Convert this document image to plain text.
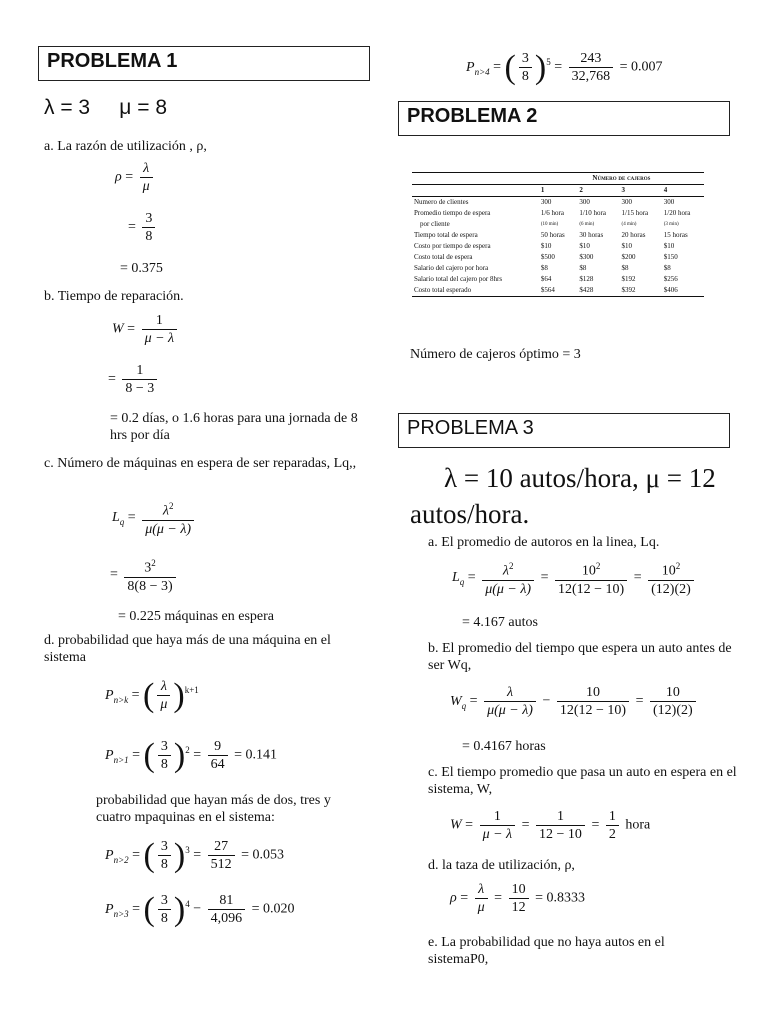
PROBLEMA 1
λ = 3     μ = 8
a. La razón de utilización , ρ,
$\rho = \frac{\lambda}{\mu}$
= $\frac{3}{8}$
= 0.375
b. Tiempo de reparación.
$W = \frac{1}{\mu - \lambda}$
= $\frac{1}{8 - 3}$
= 0.2 días, o 1.6 horas para una jornada de 8 hrs por día
c. Número de máquinas en espera de ser reparadas, Lq,,
$L_q = \frac{\lambda^2}{\mu(\mu - \lambda)}$
= $\frac{3^2}{8(8 - 3)}$
= 0.225 máquinas en espera
d. probabilidad que haya más de una máquina en el sistema
$P_{n>k}$ = ( $\frac{\lambda}{\mu} )^{k+1}$
$P_{n>1}$ = ( $\frac{3}{8} )^2 = \frac{9}{64} = 0.141$
probabilidad que hayan más de dos, tres y cuatro mpaquinas en el sistema:
$P_{n>2}$ = ( $\frac{3}{8} )^3 = \frac{27}{512} = 0.053$
$P_{n>3}$ = ( $\frac{3}{8} )^4 - \frac{81}{4,096} = 0.020$
$P_{n>4}$ = ( $\frac{3}{8} )^5 = \frac{243}{32,768} = 0.007$
PROBLEMA 2
	Número de cajeros			
	1	2	3	4
Numero de clientes	300	300	300	300
Promedio tiempo de espera	1/6 hora	1/10 hora	1/15 hora	1/20 hora
por cliente	(10 min)	(6 min)	(4 min)	(3 min)
Tiempo total de espera	50 horas	30 horas	20 horas	15 horas
Costo por tiempo de espera	$10	$10	$10	$10
Costo total de espera	$500	$300	$200	$150
Salario del cajero por hora	$8	$8	$8	$8
Salario total del cajero por 8hrs	$64	$128	$192	$256
Costo total esperado	$564	$428	$392	$406
Número de cajeros óptimo = 3
PROBLEMA 3
λ = 10 autos/hora, μ = 12 autos/hora.
a. El promedio de autoros en la linea, Lq.
$L_q = \frac{\lambda^2}{\mu(\mu - \lambda)} = \frac{10^2}{12(12 - 10)} = \frac{10^2}{(12)(2)}$
= 4.167 autos
b. El promedio del tiempo que espera un auto antes de ser Wq,
$W_q = \frac{\lambda}{\mu(\mu - \lambda)} - \frac{10}{12(12 - 10)} = \frac{10}{(12)(2)}$
= 0.4167 horas
c. El tiempo promedio que pasa un auto en espera en el sistema, W,
$W = \frac{1}{\mu - \lambda} = \frac{1}{12 - 10} = \frac{1}{2}$ hora
d. la taza de utilización, ρ,
$\rho = \frac{\lambda}{\mu} = \frac{10}{12} = 0.8333$
e. La probabilidad que no haya autos en el sistemaP0,
